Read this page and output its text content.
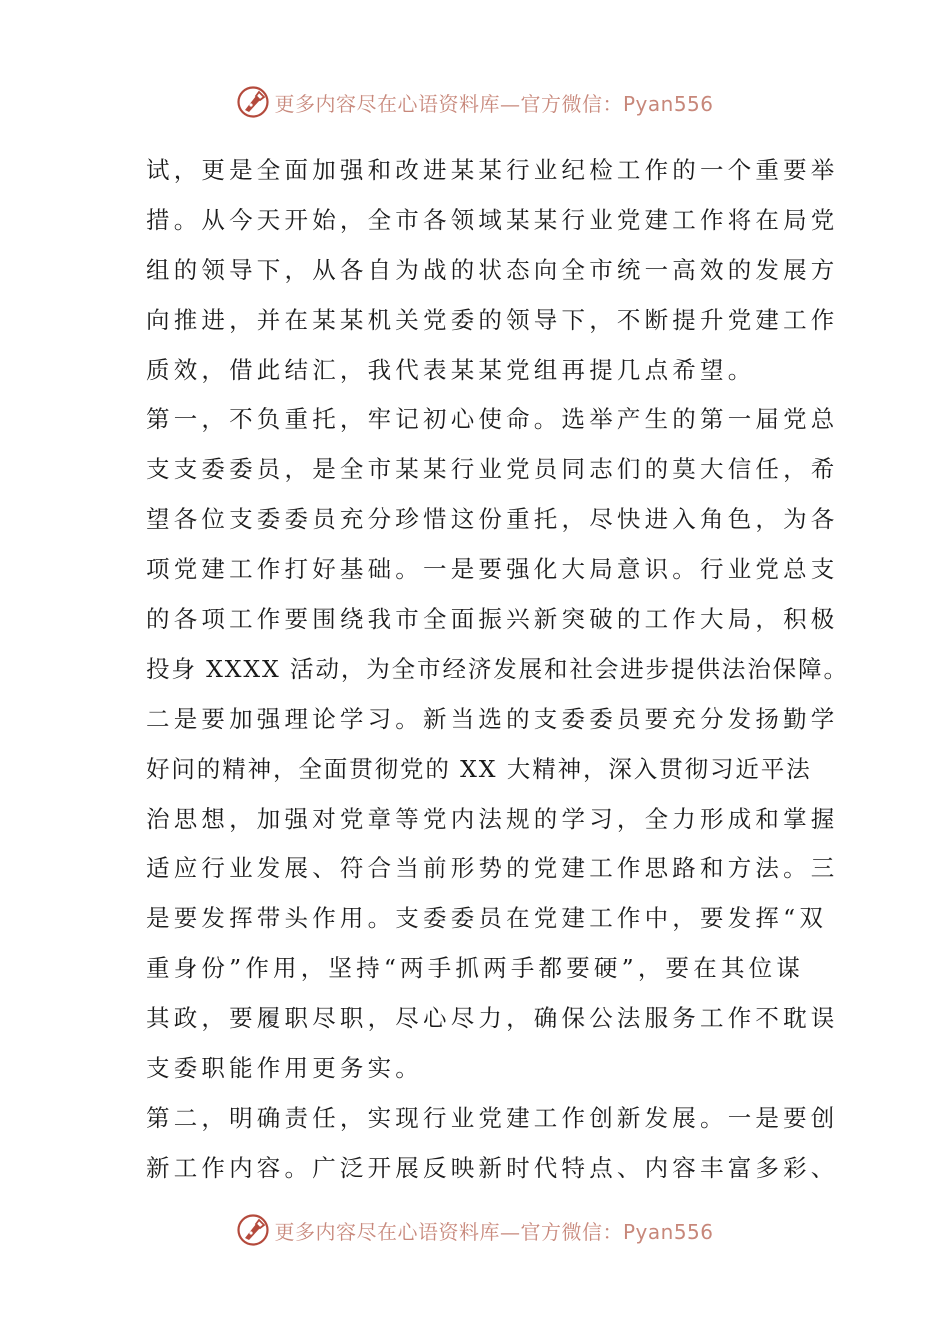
更多内容尽在心语资料库—官方微信：Pyan556
试，更是全面加强和改进某某行业纪检工作的一个重要举
措。从今天开始，全市各领域某某行业党建工作将在局党
组的领导下，从各自为战的状态向全市统一高效的发展方
向推进，并在某某机关党委的领导下，不断提升党建工作
质效，借此结汇，我代表某某党组再提几点希望。
第一，不负重托，牢记初心使命。选举产生的第一届党总
支支委委员，是全市某某行业党员同志们的莫大信任，希
望各位支委委员充分珍惜这份重托，尽快进入角色，为各
项党建工作打好基础。一是要强化大局意识。行业党总支
的各项工作要围绕我市全面振兴新突破的工作大局，积极
投身 XXXX 活动，为全市经济发展和社会进步提供法治保障。
二是要加强理论学习。新当选的支委委员要充分发扬勤学
好问的精神，全面贯彻党的 XX 大精神，深入贯彻习近平法
治思想，加强对党章等党内法规的学习，全力形成和掌握
适应行业发展、符合当前形势的党建工作思路和方法。三
是要发挥带头作用。支委委员在党建工作中，要发挥“双
重身份”作用，坚持“两手抓两手都要硬”，要在其位谋
其政，要履职尽职，尽心尽力，确保公法服务工作不耽误
支委职能作用更务实。
第二，明确责任，实现行业党建工作创新发展。一是要创
新工作内容。广泛开展反映新时代特点、内容丰富多彩、
更多内容尽在心语资料库—官方微信：Pyan556
